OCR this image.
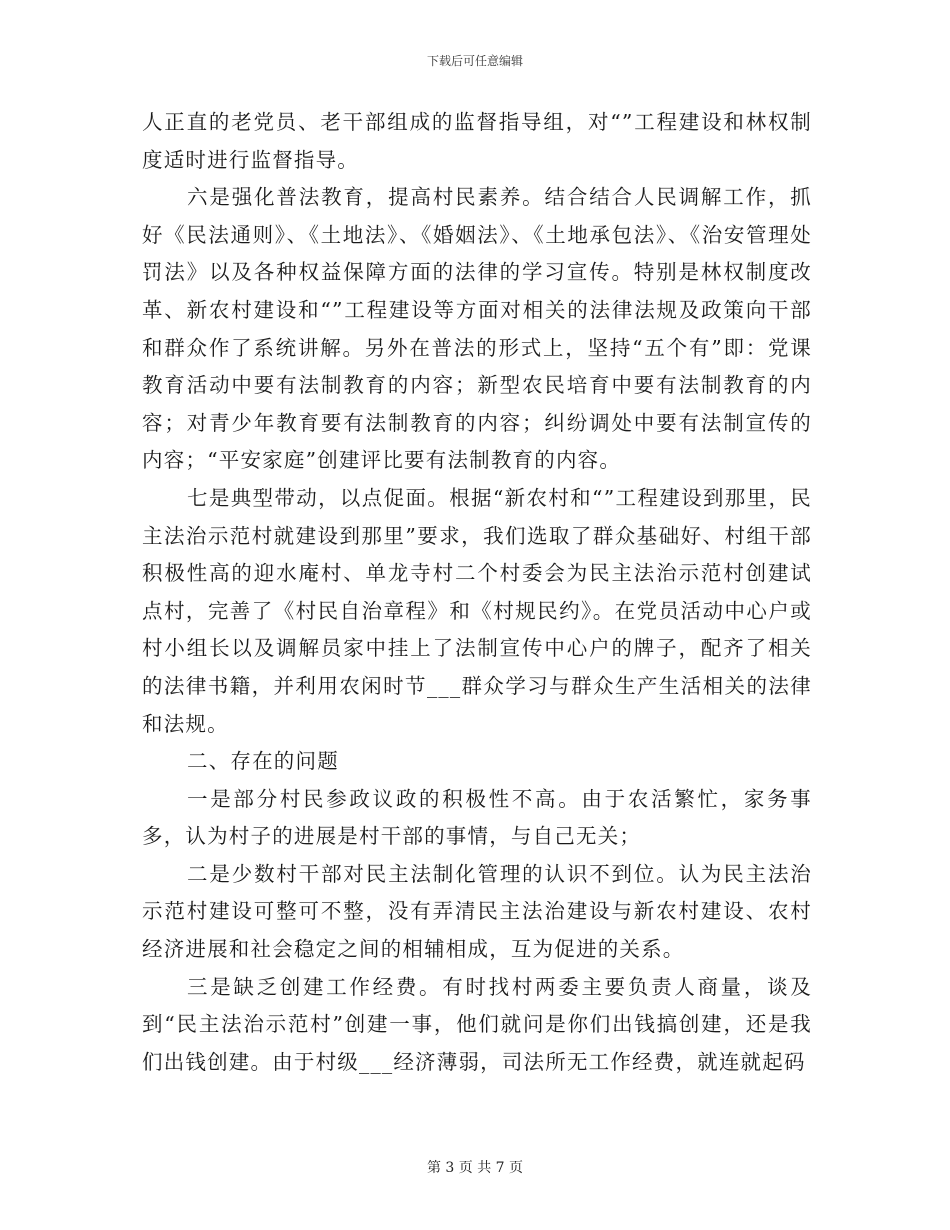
下载后可任意编辑

人正直的老党员、老干部组成的监督指导组，对“”工程建设和林权制度适时进行监督指导。

六是强化普法教育，提高村民素养。结合结合人民调解工作，抓好《民法通则》、《土地法》、《婚姻法》、《土地承包法》、《治安管理处罚法》以及各种权益保障方面的法律的学习宣传。特别是林权制度改革、新农村建设和“”工程建设等方面对相关的法律法规及政策向干部和群众作了系统讲解。另外在普法的形式上，坚持“五个有”即：党课教育活动中要有法制教育的内容；新型农民培育中要有法制教育的内容；对青少年教育要有法制教育的内容；纠纷调处中要有法制宣传的内容；“平安家庭”创建评比要有法制教育的内容。

七是典型带动，以点促面。根据“新农村和“”工程建设到那里，民主法治示范村就建设到那里”要求，我们选取了群众基础好、村组干部积极性高的迎水庵村、单龙寺村二个村委会为民主法治示范村创建试点村，完善了《村民自治章程》和《村规民约》。在党员活动中心户或村小组长以及调解员家中挂上了法制宣传中心户的牌子，配齐了相关的法律书籍，并利用农闲时节___群众学习与群众生产生活相关的法律和法规。

二、存在的问题

一是部分村民参政议政的积极性不高。由于农活繁忙，家务事多，认为村子的进展是村干部的事情，与自己无关；

二是少数村干部对民主法制化管理的认识不到位。认为民主法治示范村建设可整可不整，没有弄清民主法治建设与新农村建设、农村经济进展和社会稳定之间的相辅相成，互为促进的关系。

三是缺乏创建工作经费。有时找村两委主要负责人商量，谈及到“民主法治示范村”创建一事，他们就问是你们出钱搞创建，还是我们出钱创建。由于村级___经济薄弱，司法所无工作经费，就连就起码

第 3 页 共 7 页
